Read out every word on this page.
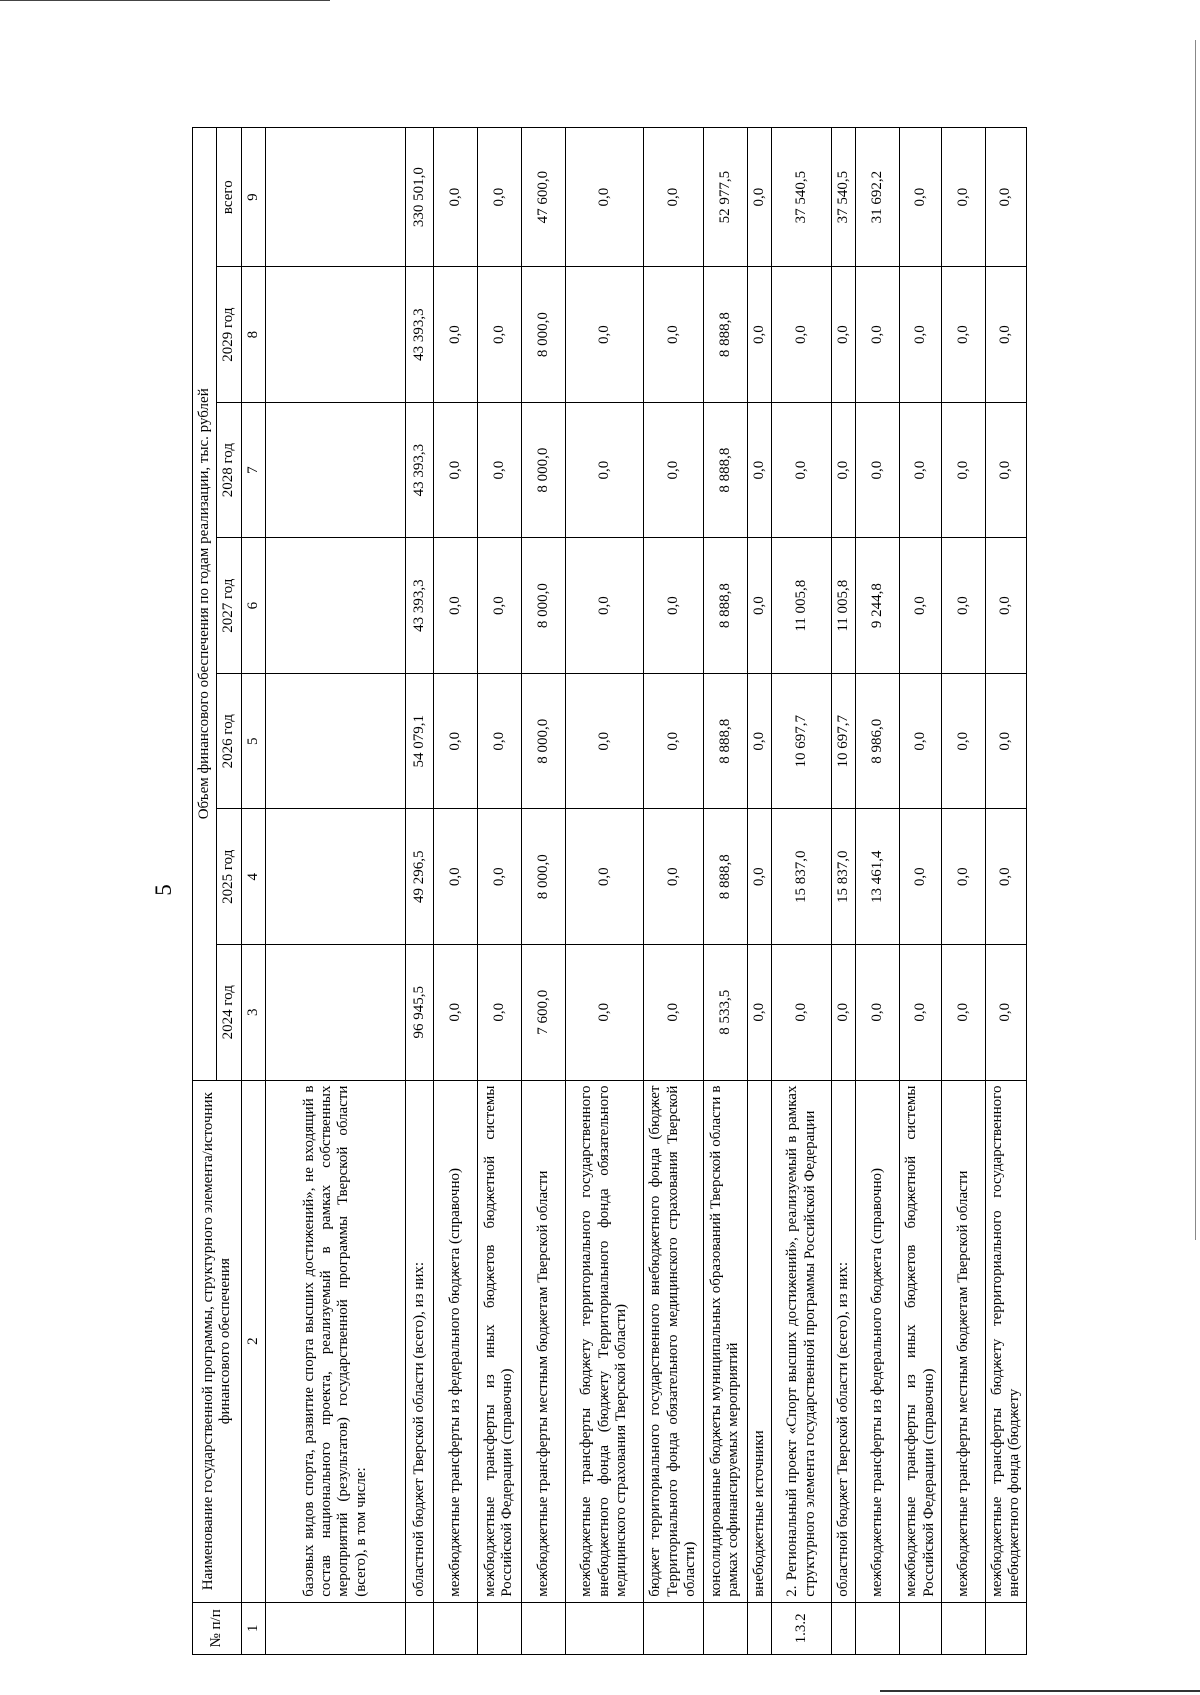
5
№ п/п	Наименование государственной программы, структурного элемента/источник финансового обеспечения	Объем финансового обеспечения по годам реализации, тыс. рублей						
		2024 год	2025 год	2026 год	2027 год	2028 год	2029 год	всего
1	2	3	4	5	6	7	8	9
	базовых видов спорта, развитие спорта высших достижений», не входящий в состав национального проекта, реализуемый в рамках собственных мероприятий (результатов) государственной программы Тверской области (всего), в том числе:							
	областной бюджет Тверской области (всего), из них:	96 945,5	49 296,5	54 079,1	43 393,3	43 393,3	43 393,3	330 501,0
	межбюджетные трансферты из федерального бюджета (справочно)	0,0	0,0	0,0	0,0	0,0	0,0	0,0
	межбюджетные трансферты из иных бюджетов бюджетной системы Российской Федерации (справочно)	0,0	0,0	0,0	0,0	0,0	0,0	0,0
	межбюджетные трансферты местным бюджетам Тверской области	7 600,0	8 000,0	8 000,0	8 000,0	8 000,0	8 000,0	47 600,0
	межбюджетные трансферты бюджету территориального государственного внебюджетного фонда (бюджету Территориального фонда обязательного медицинского страхования Тверской области)	0,0	0,0	0,0	0,0	0,0	0,0	0,0
	бюджет территориального государственного внебюджетного фонда (бюджет Территориального фонда обязательного медицинского страхования Тверской области)	0,0	0,0	0,0	0,0	0,0	0,0	0,0
	консолидированные бюджеты муниципальных образований Тверской области в рамках софинансируемых мероприятий	8 533,5	8 888,8	8 888,8	8 888,8	8 888,8	8 888,8	52 977,5
	внебюджетные источники	0,0	0,0	0,0	0,0	0,0	0,0	0,0
1.3.2	2. Региональный проект «Спорт высших достижений», реализуемый в рамках структурного элемента государственной программы Российской Федерации	0,0	15 837,0	10 697,7	11 005,8	0,0	0,0	37 540,5
	областной бюджет Тверской области (всего), из них:	0,0	15 837,0	10 697,7	11 005,8	0,0	0,0	37 540,5
	межбюджетные трансферты из федерального бюджета (справочно)	0,0	13 461,4	8 986,0	9 244,8	0,0	0,0	31 692,2
	межбюджетные трансферты из иных бюджетов бюджетной системы Российской Федерации (справочно)	0,0	0,0	0,0	0,0	0,0	0,0	0,0
	межбюджетные трансферты местным бюджетам Тверской области	0,0	0,0	0,0	0,0	0,0	0,0	0,0
	межбюджетные трансферты бюджету территориального государственного внебюджетного фонда (бюджету	0,0	0,0	0,0	0,0	0,0	0,0	0,0
